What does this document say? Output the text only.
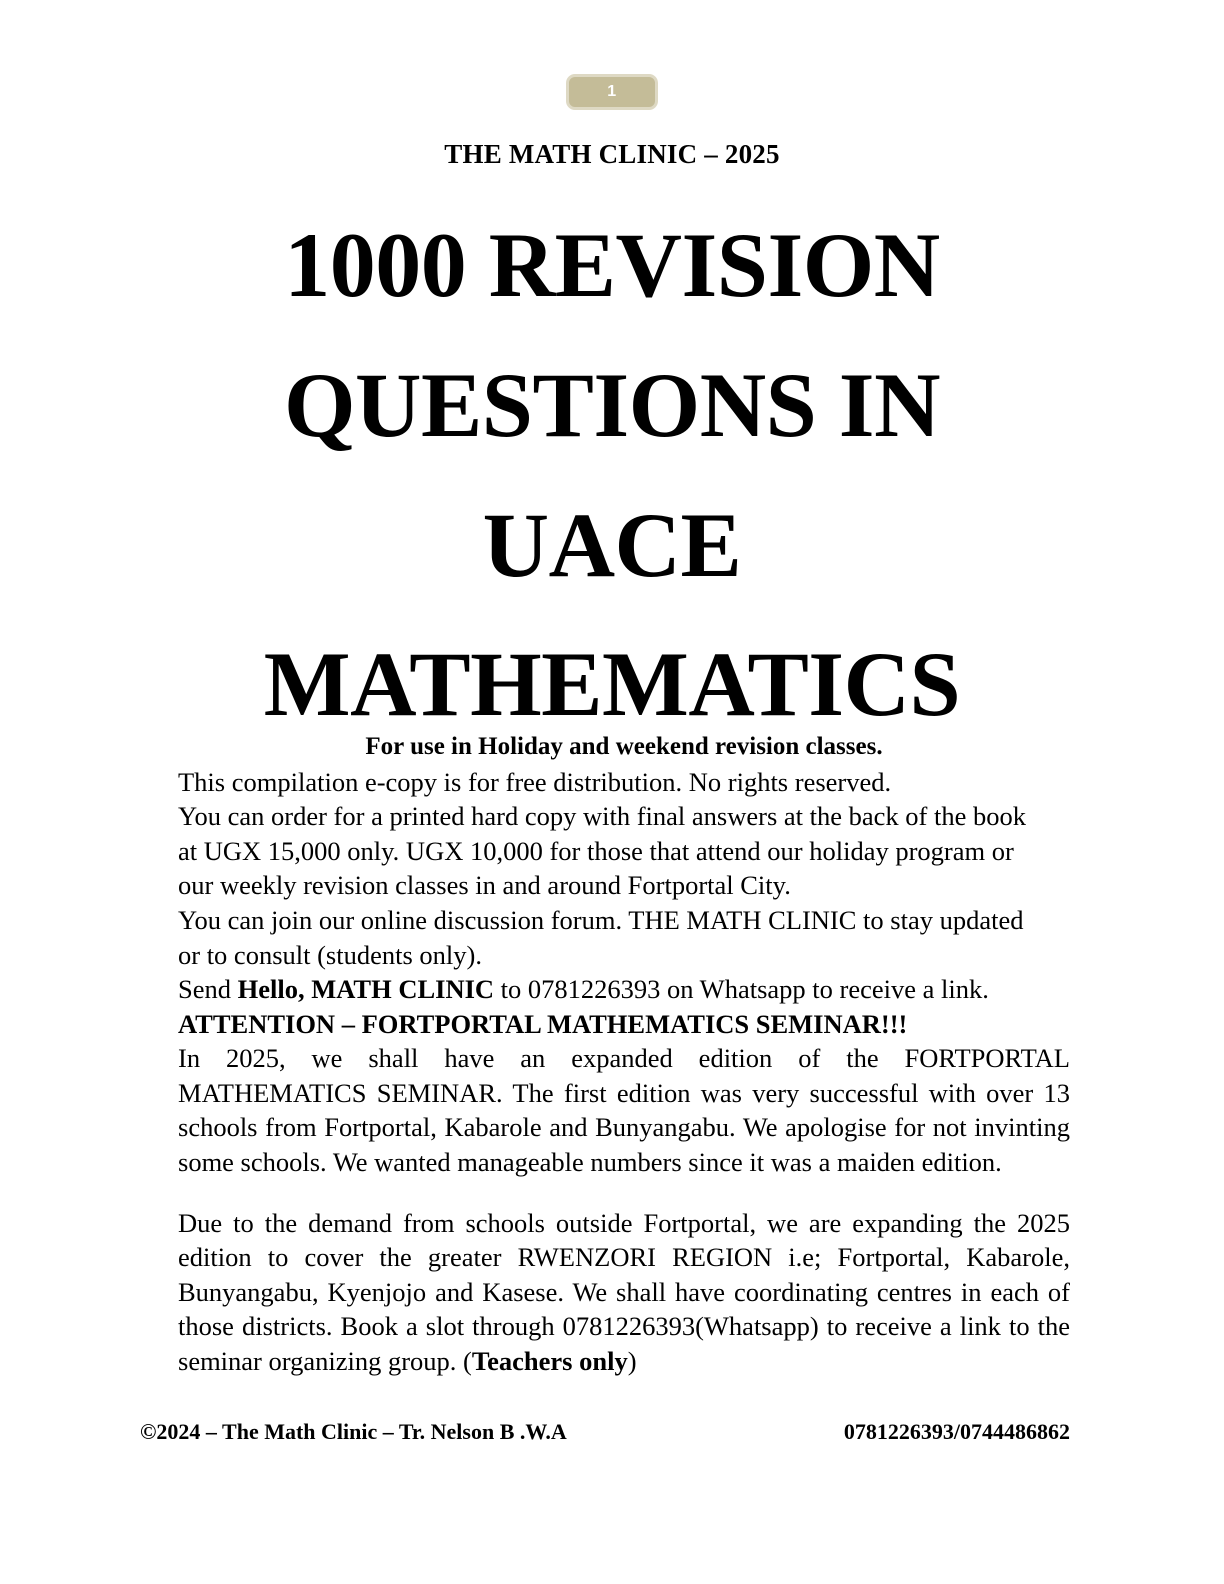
1
THE MATH CLINIC – 2025
1000 REVISION
QUESTIONS IN
UACE
MATHEMATICS
For use in Holiday and weekend revision classes.
This compilation e-copy is for free distribution. No rights reserved.
You can order for a printed hard copy with final answers at the back of the book
at UGX 15,000 only. UGX 10,000 for those that attend our holiday program or
our weekly revision classes in and around Fortportal City.
You can join our online discussion forum. THE MATH CLINIC to stay updated
or to consult (students only).
Send Hello, MATH CLINIC to 0781226393 on Whatsapp to receive a link.
ATTENTION – FORTPORTAL MATHEMATICS SEMINAR!!!

In 2025, we shall have an expanded edition of the FORTPORTAL MATHEMATICS SEMINAR. The first edition was very successful with over 13 schools from Fortportal, Kabarole and Bunyangabu. We apologise for not invinting some schools. We wanted manageable numbers since it was a maiden edition.

Due to the demand from schools outside Fortportal, we are expanding the 2025 edition to cover the greater RWENZORI REGION i.e; Fortportal, Kabarole, Bunyangabu, Kyenjojo and Kasese. We shall have coordinating centres in each of those districts. Book a slot through 0781226393(Whatsapp) to receive a link to the seminar organizing group. (Teachers only)

©2024 – The Math Clinic – Tr. Nelson B .W.A	0781226393/0744486862
